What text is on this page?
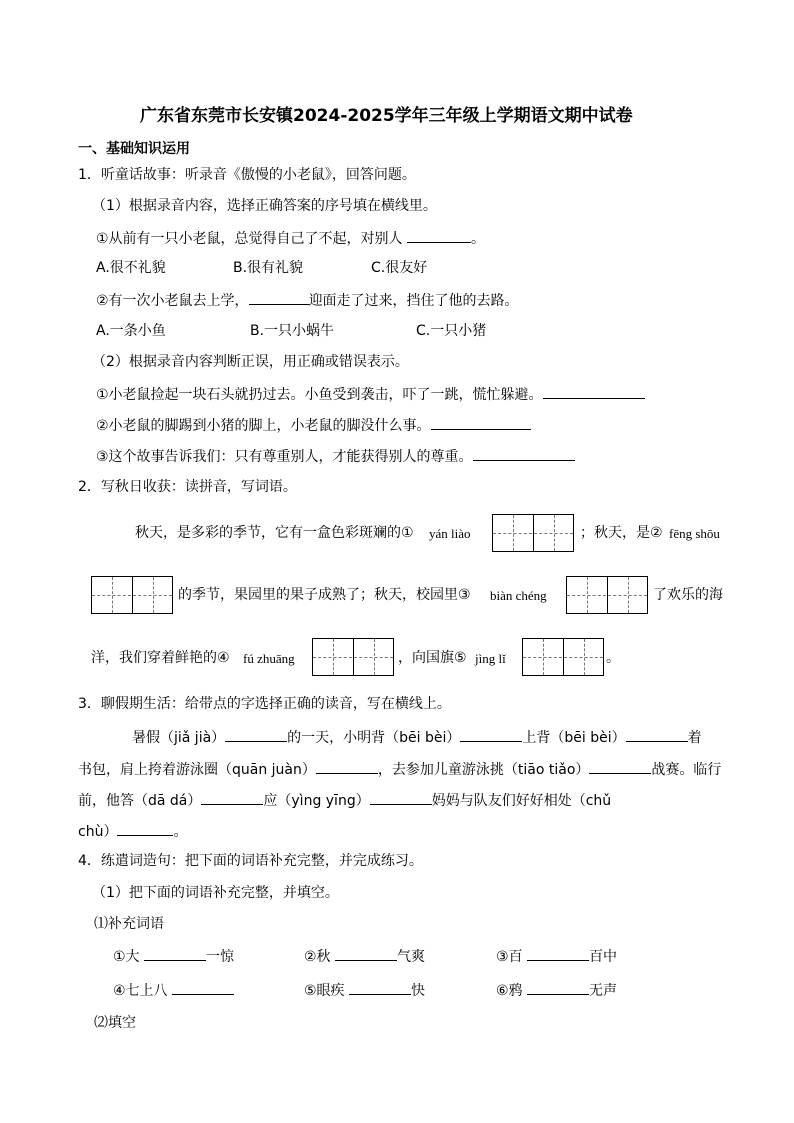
广东省东莞市长安镇2024-2025学年三年级上学期语文期中试卷
一、基础知识运用
1．听童话故事：听录音《傲慢的小老鼠》，回答问题。
（1）根据录音内容，选择正确答案的序号填在横线里。
①从前有一只小老鼠，总觉得自己了不起，对别人	。
A.很不礼貌	B.很有礼貌	C.很友好
②有一次小老鼠去上学，	迎面走了过来，挡住了他的去路。
A.一条小鱼	B.一只小蜗牛	C.一只小猪
（2）根据录音内容判断正误，用正确或错误表示。
①小老鼠捡起一块石头就扔过去。小鱼受到袭击，吓了一跳，慌忙躲避。
②小老鼠的脚踢到小猪的脚上，小老鼠的脚没什么事。
③这个故事告诉我们：只有尊重别人，才能获得别人的尊重。
2．写秋日收获：读拼音，写词语。
秋天，是多彩的季节，它有一盒色彩斑斓的① yán liào	；秋天，是② fēng shōu
的季节，果园里的果子成熟了；秋天，校园里③ biàn chéng	了欢乐的海
洋，我们穿着鲜艳的④ fú zhuāng	，向国旗⑤ jìng lǐ	。
3．聊假期生活：给带点的字选择正确的读音，写在横线上。
暑假（jiǎ jià）	的一天，小明背（bēi bèi）	上背（bēi bèi）	着
书包，肩上挎着游泳圈（quān juàn）	，去参加儿童游泳挑（tiāo tiǎo）	战赛。临行
前，他答（dā dá）	应（yìng yīng）	妈妈与队友们好好相处（chǔ
chù）	。
4．练遣词造句：把下面的词语补充完整，并完成练习。
（1）把下面的词语补充完整，并填空。
⑴补充词语
①大	一惊	②秋	气爽	③百	百中
④七上八	⑤眼疾	快	⑥鸦	无声
⑵填空
